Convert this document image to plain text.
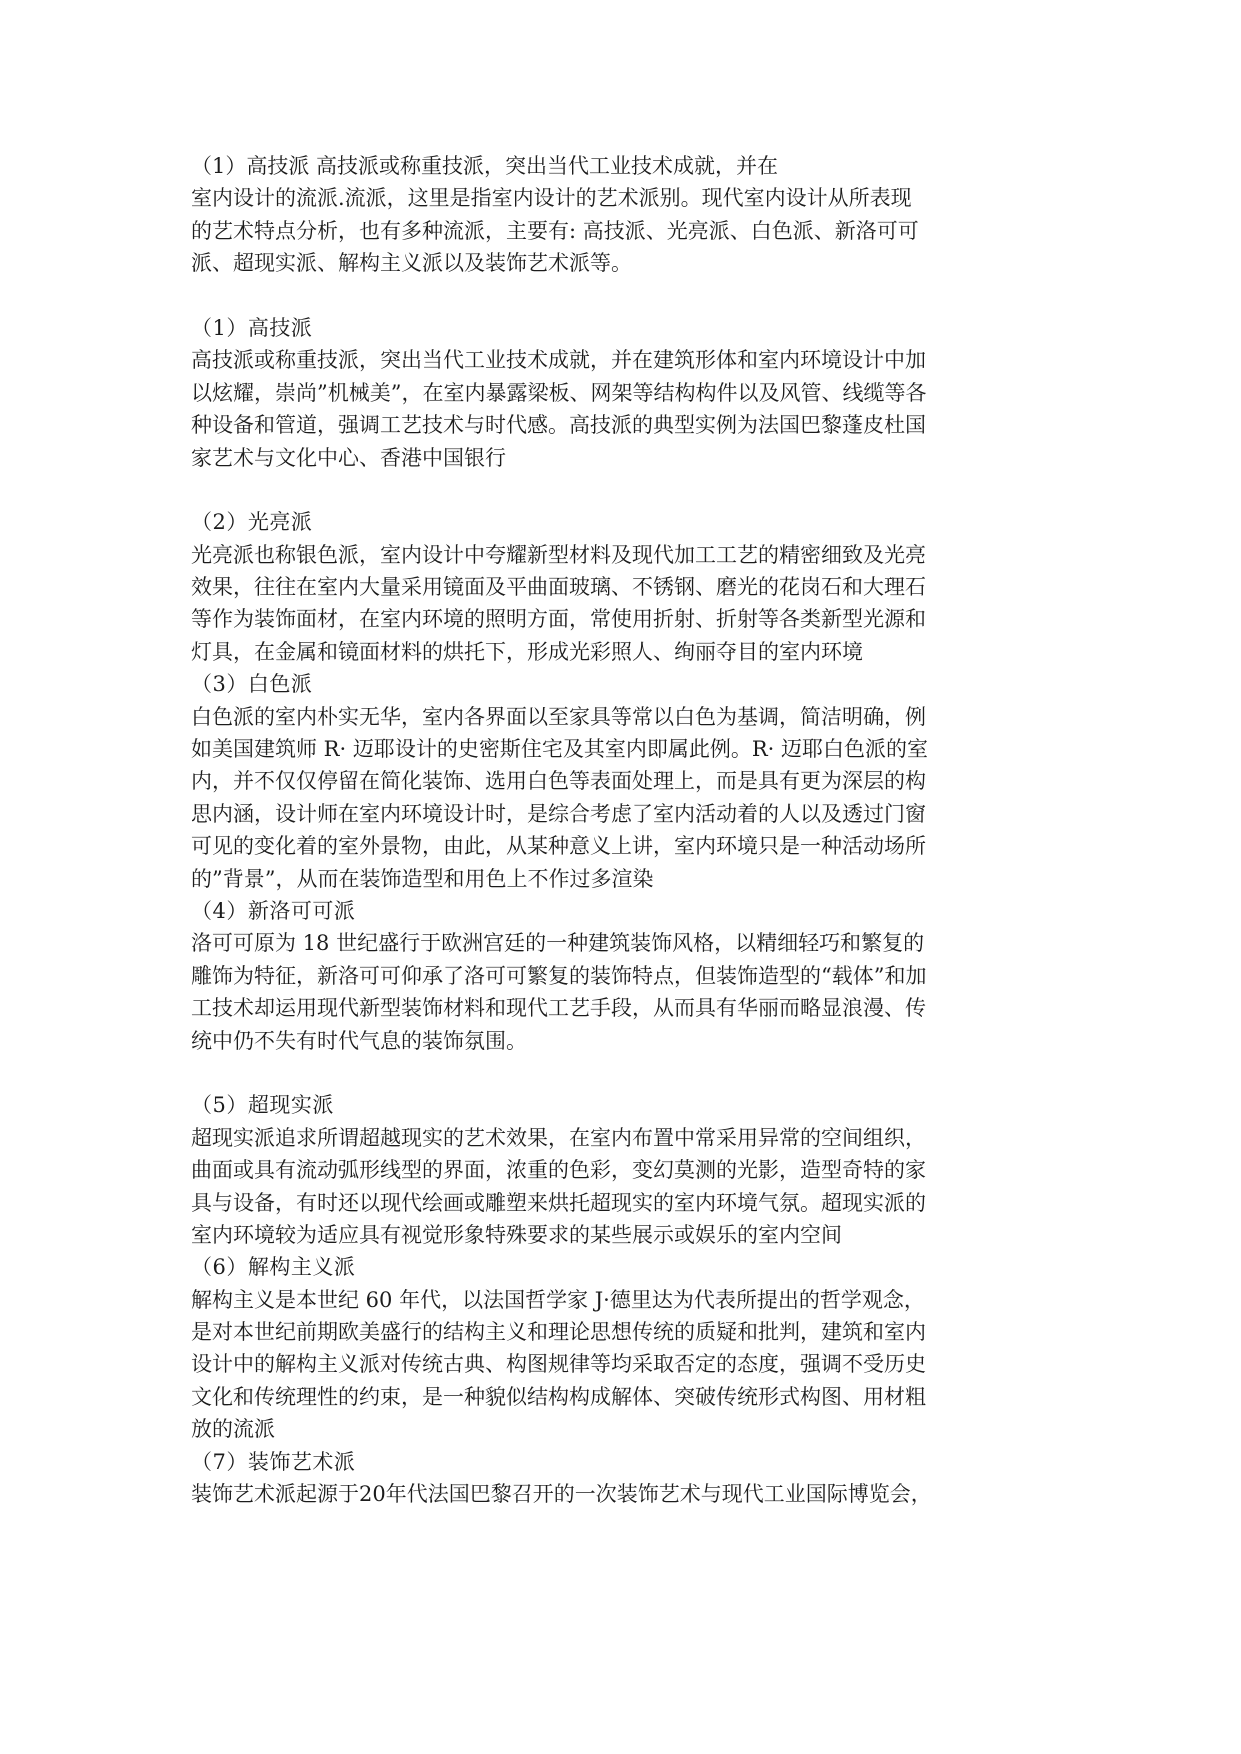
（1）高技派 高技派或称重技派，突出当代工业技术成就，并在
室内设计的流派.流派，这里是指室内设计的艺术派别。现代室内设计从所表现
的艺术特点分析，也有多种流派，主要有: 高技派、光亮派、白色派、新洛可可
派、超现实派、解构主义派以及装饰艺术派等。
（1）高技派
高技派或称重技派，突出当代工业技术成就，并在建筑形体和室内环境设计中加
以炫耀，崇尚”机械美”，在室内暴露梁板、网架等结构构件以及风管、线缆等各
种设备和管道，强调工艺技术与时代感。高技派的典型实例为法国巴黎蓬皮杜国
家艺术与文化中心、香港中国银行
（2）光亮派
光亮派也称银色派，室内设计中夸耀新型材料及现代加工工艺的精密细致及光亮
效果，往往在室内大量采用镜面及平曲面玻璃、不锈钢、磨光的花岗石和大理石
等作为装饰面材，在室内环境的照明方面，常使用折射、折射等各类新型光源和
灯具，在金属和镜面材料的烘托下，形成光彩照人、绚丽夺目的室内环境
（3）白色派
白色派的室内朴实无华，室内各界面以至家具等常以白色为基调，简洁明确，例
如美国建筑师 R· 迈耶设计的史密斯住宅及其室内即属此例。R· 迈耶白色派的室
内，并不仅仅停留在简化装饰、选用白色等表面处理上，而是具有更为深层的构
思内涵，设计师在室内环境设计时，是综合考虑了室内活动着的人以及透过门窗
可见的变化着的室外景物，由此，从某种意义上讲，室内环境只是一种活动场所
的”背景”，从而在装饰造型和用色上不作过多渲染
（4）新洛可可派
洛可可原为 18 世纪盛行于欧洲宫廷的一种建筑装饰风格，以精细轻巧和繁复的
雕饰为特征，新洛可可仰承了洛可可繁复的装饰特点，但装饰造型的“载体”和加
工技术却运用现代新型装饰材料和现代工艺手段，从而具有华丽而略显浪漫、传
统中仍不失有时代气息的装饰氛围。
（5）超现实派
超现实派追求所谓超越现实的艺术效果，在室内布置中常采用异常的空间组织，
曲面或具有流动弧形线型的界面，浓重的色彩，变幻莫测的光影，造型奇特的家
具与设备，有时还以现代绘画或雕塑来烘托超现实的室内环境气氛。超现实派的
室内环境较为适应具有视觉形象特殊要求的某些展示或娱乐的室内空间
（6）解构主义派
解构主义是本世纪 60 年代，以法国哲学家 J·德里达为代表所提出的哲学观念，
是对本世纪前期欧美盛行的结构主义和理论思想传统的质疑和批判，建筑和室内
设计中的解构主义派对传统古典、构图规律等均采取否定的态度，强调不受历史
文化和传统理性的约束，是一种貌似结构构成解体、突破传统形式构图、用材粗
放的流派
（7）装饰艺术派
装饰艺术派起源于20年代法国巴黎召开的一次装饰艺术与现代工业国际博览会，
